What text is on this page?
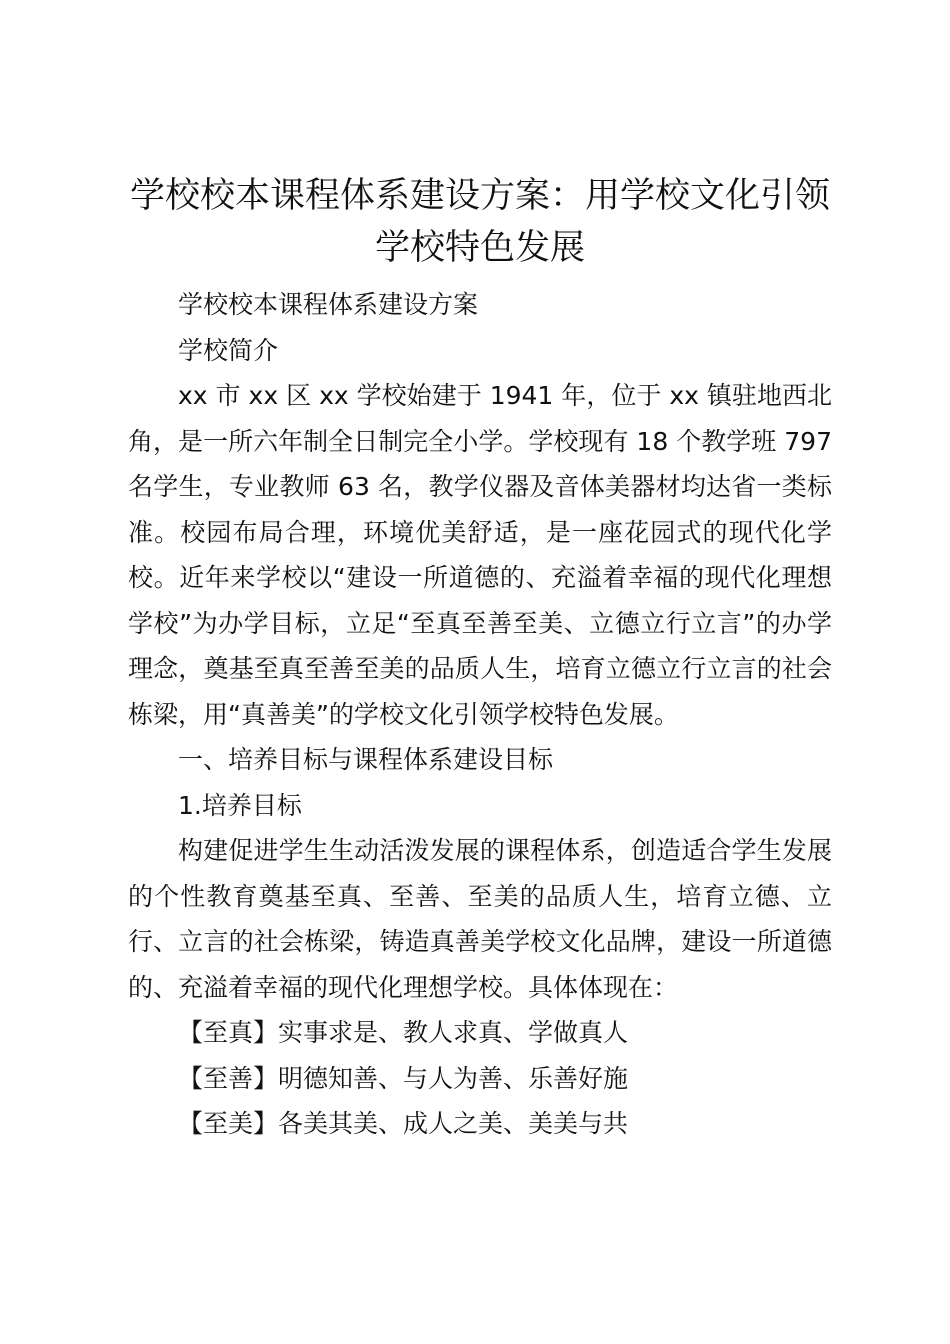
学校校本课程体系建设方案：用学校文化引领学校特色发展

学校校本课程体系建设方案

学校简介

xx 市 xx 区 xx 学校始建于 1941 年，位于 xx 镇驻地西北角，是一所六年制全日制完全小学。学校现有 18 个教学班 797 名学生，专业教师 63 名，教学仪器及音体美器材均达省一类标准。校园布局合理，环境优美舒适，是一座花园式的现代化学校。近年来学校以“建设一所道德的、充溢着幸福的现代化理想学校”为办学目标，立足“至真至善至美、立德立行立言”的办学理念，奠基至真至善至美的品质人生，培育立德立行立言的社会栋梁，用“真善美”的学校文化引领学校特色发展。

一、培养目标与课程体系建设目标

1.培养目标

构建促进学生生动活泼发展的课程体系，创造适合学生发展的个性教育奠基至真、至善、至美的品质人生，培育立德、立行、立言的社会栋梁，铸造真善美学校文化品牌，建设一所道德的、充溢着幸福的现代化理想学校。具体体现在：

【至真】实事求是、教人求真、学做真人

【至善】明德知善、与人为善、乐善好施

【至美】各美其美、成人之美、美美与共
